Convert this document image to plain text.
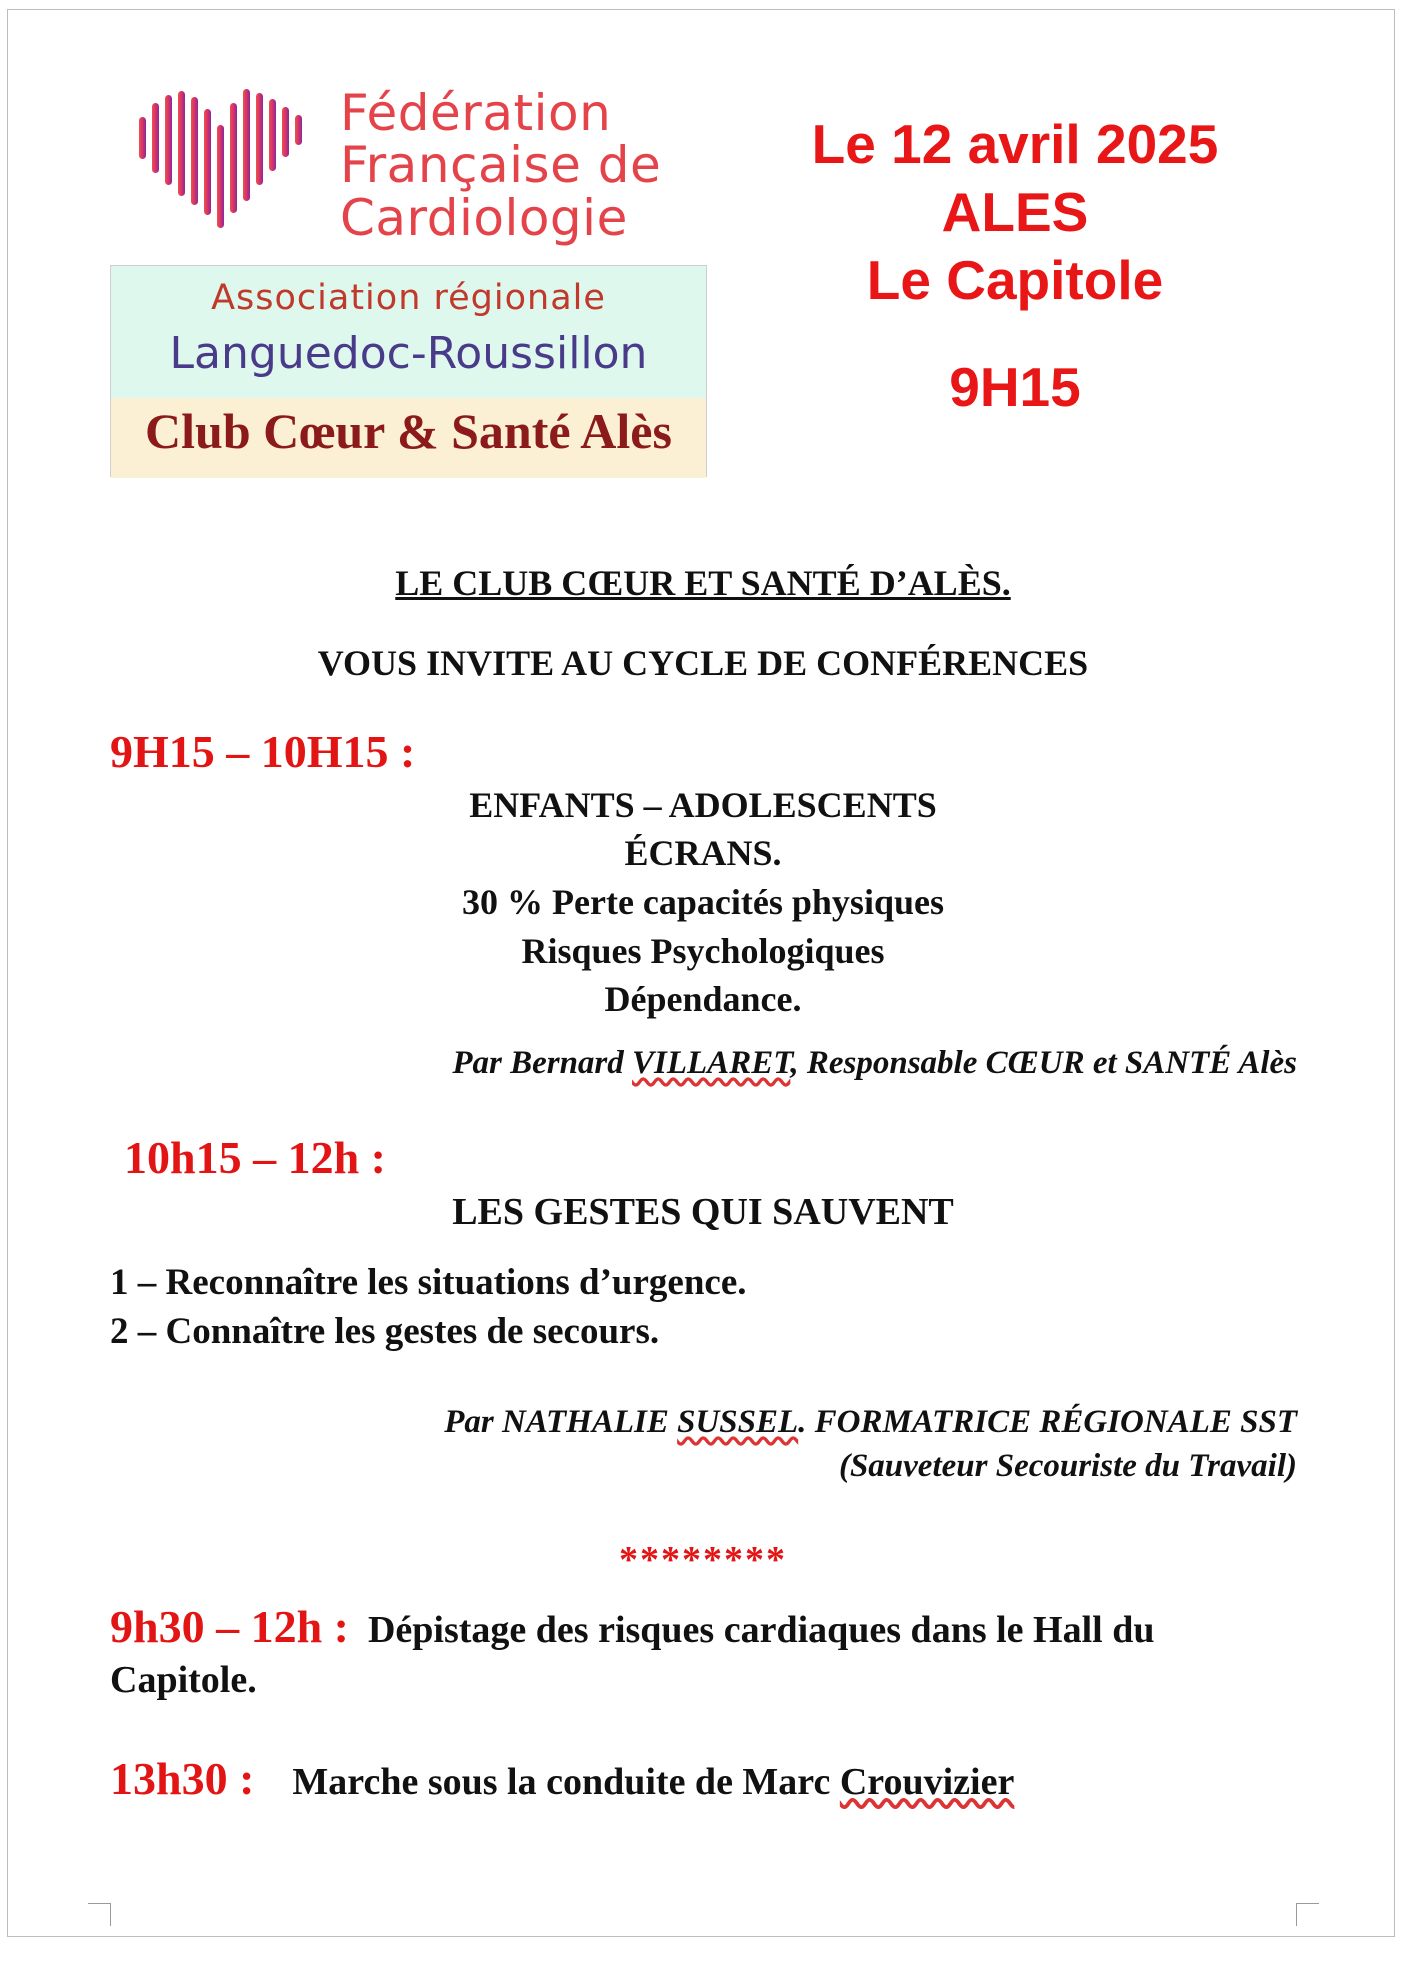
Fédération
Française de
Cardiologie
Association régionale
Languedoc-Roussillon
Club Cœur & Santé Alès
Le 12 avril 2025
ALES
Le Capitole
9H15
LE CLUB CŒUR ET SANTÉ D’ALÈS.
VOUS INVITE AU CYCLE DE CONFÉRENCES
9H15 – 10H15 :
ENFANTS – ADOLESCENTS
ÉCRANS.
30 % Perte capacités physiques
Risques Psychologiques
Dépendance.
Par Bernard VILLARET, Responsable CŒUR et SANTÉ Alès
10h15 – 12h :
LES GESTES QUI SAUVENT
1 – Reconnaître les situations d’urgence.
2 – Connaître les gestes de secours.
Par NATHALIE SUSSEL. FORMATRICE RÉGIONALE SST
(Sauveteur Secouriste du Travail)
********
9h30 – 12h : Dépistage des risques cardiaques dans le Hall du
Capitole.
13h30 : Marche sous la conduite de Marc Crouvizier
